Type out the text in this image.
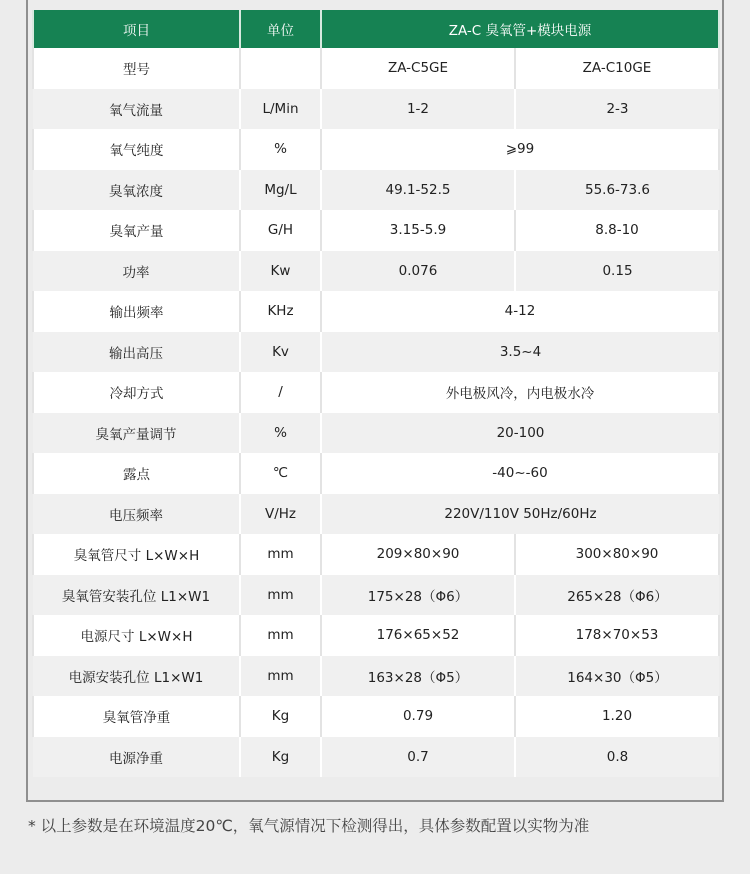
项目	单位	ZA-C 臭氧管+模块电源	
型号		ZA-C5GE	ZA-C10GE
氧气流量	L/Min	1-2	2-3
氧气纯度	%	⩾99	
臭氧浓度	Mg/L	49.1-52.5	55.6-73.6
臭氧产量	G/H	3.15-5.9	8.8-10
功率	Kw	0.076	0.15
输出频率	KHz	4-12	
输出高压	Kv	3.5~4	
冷却方式	/	外电极风冷，内电极水冷	
臭氧产量调节	%	20-100	
露点	℃	-40~-60	
电压频率	V/Hz	220V/110V 50Hz/60Hz	
臭氧管尺寸 L×W×H	mm	209×80×90	300×80×90
臭氧管安装孔位 L1×W1	mm	175×28（Φ6）	265×28（Φ6）
电源尺寸 L×W×H	mm	176×65×52	178×70×53
电源安装孔位 L1×W1	mm	163×28（Φ5）	164×30（Φ5）
臭氧管净重	Kg	0.79	1.20
电源净重	Kg	0.7	0.8
* 以上参数是在环境温度20℃，氧气源情况下检测得出，具体参数配置以实物为准
